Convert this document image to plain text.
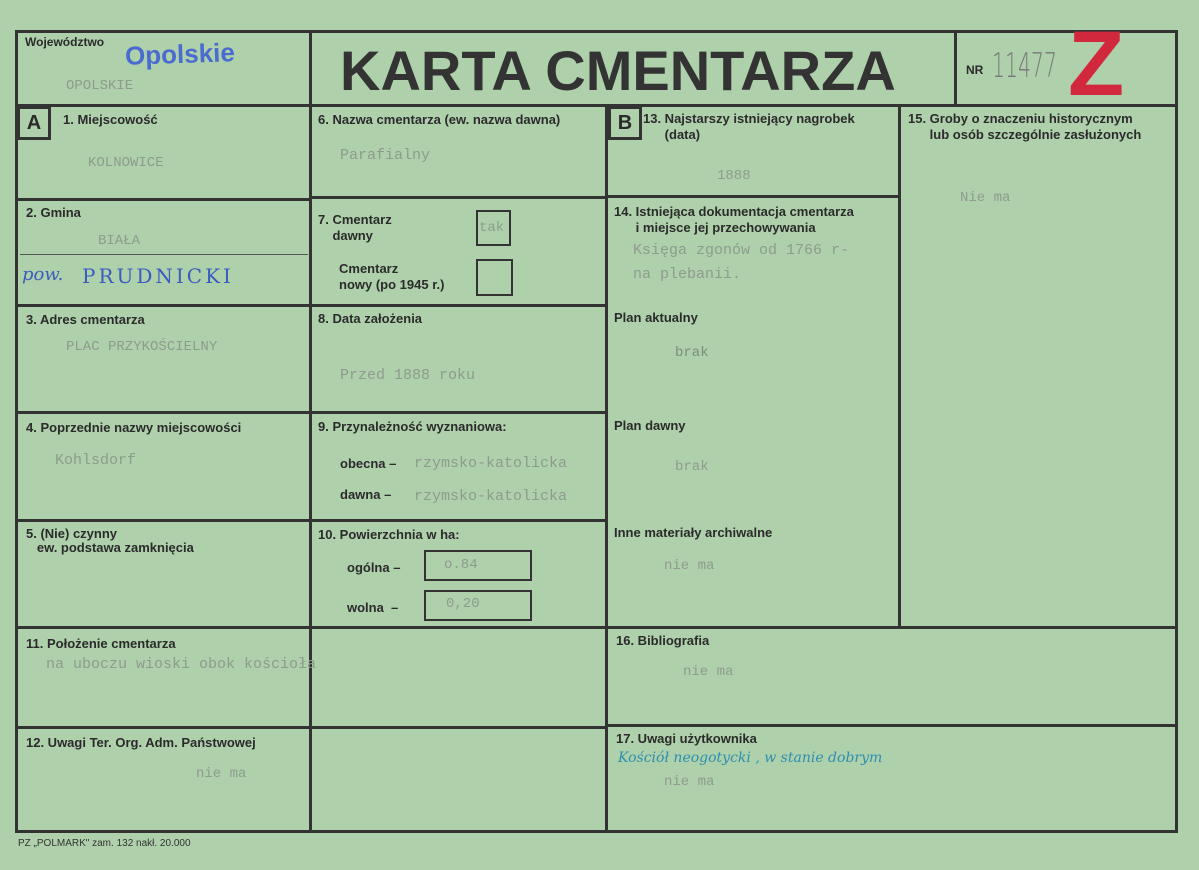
Województwo Opolskie
OPOLSKIE	KARTA CMENTARZA	NR 11477 Z
A	B
1. Miejscowość
KOLNOWICE
2. Gmina
BIAŁA
pow. PRUDNICKI
3. Adres cmentarza
PLAC PRZYKOŚCIELNY
4. Poprzednie nazwy miejscowości
Kohlsdorf
5. (Nie) czynny
ew. podstawa zamknięcia
6. Nazwa cmentarza (ew. nazwa dawna)
Parafialny
7. Cmentarz
dawny	tak
Cmentarz
nowy (po 1945 r.)
8. Data założenia
Przed 1888 roku
9. Przynależność wyznaniowa:
obecna – rzymsko-katolicka
dawna – rzymsko-katolicka
10. Powierzchnia w ha:
ogólna –	o.84
wolna  –	0,20
11. Położenie cmentarza
na uboczu wioski obok kościoła
12. Uwagi Ter. Org. Adm. Państwowej
nie ma
13. Najstarszy istniejący nagrobek
(data)
1888
14. Istniejąca dokumentacja cmentarza
i miejsce jej przechowywania
Księga zgonów od 1766 r-
na plebanii.
Plan aktualny
brak
Plan dawny
brak
Inne materiały archiwalne
nie ma
15. Groby o znaczeniu historycznym
lub osób szczególnie zasłużonych
Nie ma
16. Bibliografia
nie ma
17. Uwagi użytkownika
Kościół neogotycki , w stanie dobrym
nie ma
PZ „POLMARK" zam. 132 nakł. 20.000
